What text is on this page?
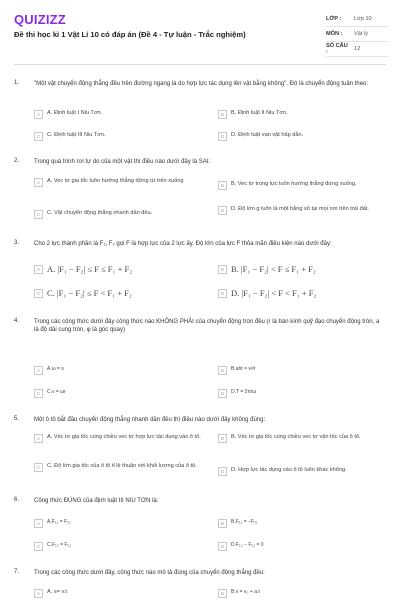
QUIZIZZ
Đề thi học kì 1 Vật Lí 10 có đáp án (Đề 4 - Tự luận - Trắc nghiệm)
LỚP :	Lớp 10
MÔN :	Vật lý
SỐ CÂU :	12
1. "Một vật chuyển động thẳng đều trên đường ngang là do hợp lực tác dụng lên vật bằng không". Đó là chuyển động tuân theo:
A	A. Định luật I Niu Tơn.	B	B. Định luật II Niu Tơn.
C	C. Định luật III Niu Tơn.	D	D. Định luật vạn vật hấp dẫn.
2. Trong quá trình rơi tự do của một vật thì điều nào dưới đây là SAI:
A	A. Vec tơ gia tốc luôn hướng thẳng đứng từ trên xuống
B	B. Vec tơ trọng lực luôn hướng thẳng đứng xuống.
C	C. Vật chuyển động thẳng nhanh dần đều.	D	D. Độ lớn g luôn là một hằng số tại mọi nơi trên trái đất.
3. Cho 2 lực thành phần là F₁, F₂ gọi F là hợp lực của 2 lực ấy. Độ lớn của lực F thỏa mãn điều kiện nào dưới đây:
A A. |F₁ − F₂| ≤ F ≤ F₁ + F₂	B B. |F₁ − F₂| < F ≤ F₁ + F₂
C C. |F₁ − F₂| ≤ F < F₁ + F₂	D D. |F₁ − F₂| < F < F₁ + F₂
4. Trong các công thức dưới đây công thức nào KHÔNG PHẢI của chuyển động tròn đều (r là bán kính quỹ đạo chuyển động tròn, a là độ dài cung tròn, φ là góc quay)
A	A.ω = s	B	B.aht = v²/r
C	C.v = ωr	D	D.T = 2π/ω
5. Một ô tô bắt đầu chuyển động thẳng nhanh dần đều thì điều nào dưới đây không đúng:
A	A. Véc tơ gia tốc cùng chiều vec tơ hợp lực tác dụng vào ô tô.	B	B. Véc tơ gia tốc cùng chiều vec tơ vận tốc của ô tô.
C	C. Độ lớn gia tốc của ô tô tỉ lệ thuận với khối lượng của ô tô.
D	D. Hợp lực tác dụng vào ô tô luôn khác không.
6. Công thức ĐÚNG của định luật III NIU TƠN là:
A	A.F₁₂ = F₂₁	B	B.F₁₂ = −F₂₁
C	C.F₁₂ = F₂₁	D	D.F₁₂ − F₂₁ = 0
7. Trong các công thức dưới đây, công thức nào mô tả đúng của chuyển động thẳng đều:
A	A. s= v.t	B	B.v = v₀ + a.t
